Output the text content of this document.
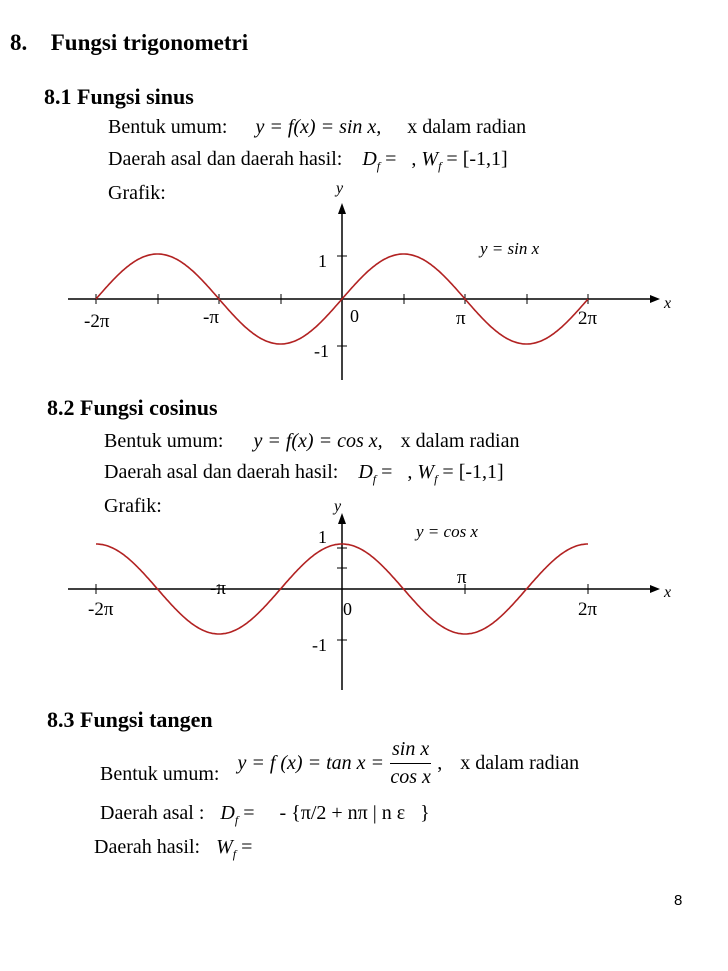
8. Fungsi trigonometri
8.1 Fungsi sinus
Bentuk umum: y = f(x) = sin x, x dalam radian
Daerah asal dan daerah hasil: $D_f$ =   , $W_f = [-1,1]$
Grafik:	y
x
-2π	-π	0	π	2π
1
-1
y = sin x
8.2 Fungsi cosinus
Bentuk umum: y = f(x) = cos x, x dalam radian
Daerah asal dan daerah hasil: $D_f$ =   , $W_f = [-1,1]$
Grafik:	y
x
-2π
-π
0
π
2π
1
-1
y = cos x
8.3 Fungsi tangen
Bentuk umum: y = f $(x) = \tan x = \frac{\text{sin x}}{\text{cos x}}$ , x dalam radian
Daerah asal : $D_f$ =     - {π/2 + nπ | n ε   }
Daerah hasil: $W_f$ =
8
